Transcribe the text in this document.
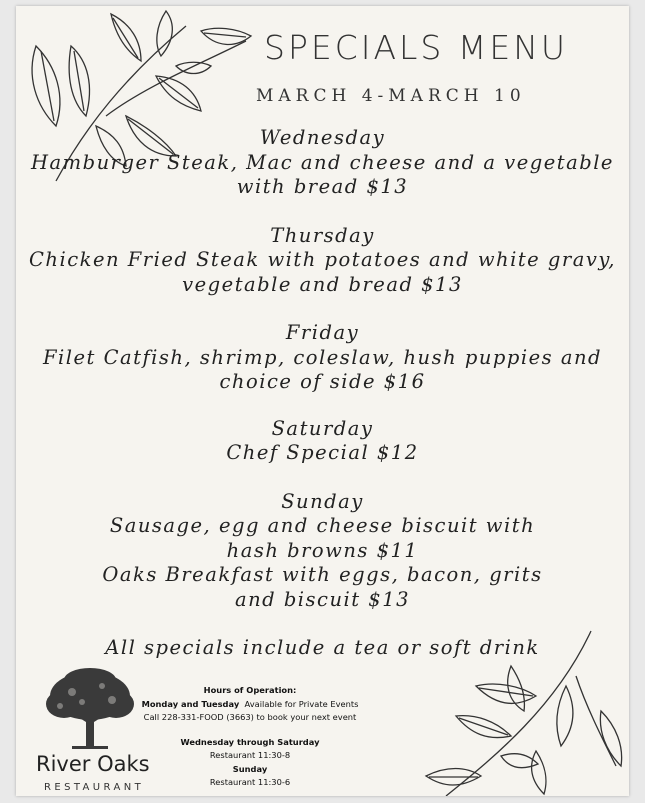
SPECIALS MENU
MARCH 4-MARCH 10
River Oaks
RESTAURANT
Wednesday
Hamburger Steak, Mac and cheese and a vegetable
with bread $13
Thursday
Chicken Fried Steak with potatoes and white gravy,
vegetable and bread $13
Friday
Filet Catfish, shrimp, coleslaw, hush puppies and
choice of side $16
Saturday
Chef Special $12
Sunday
Sausage, egg and cheese biscuit with
hash browns $11
Oaks Breakfast with eggs, bacon, grits
and biscuit $13
All specials include a tea or soft drink
Hours of Operation:
Monday and Tuesday Available for Private Events
Call 228-331-FOOD (3663) to book your next event
Wednesday through Saturday
Restaurant 11:30-8
Sunday
Restaurant 11:30-6
